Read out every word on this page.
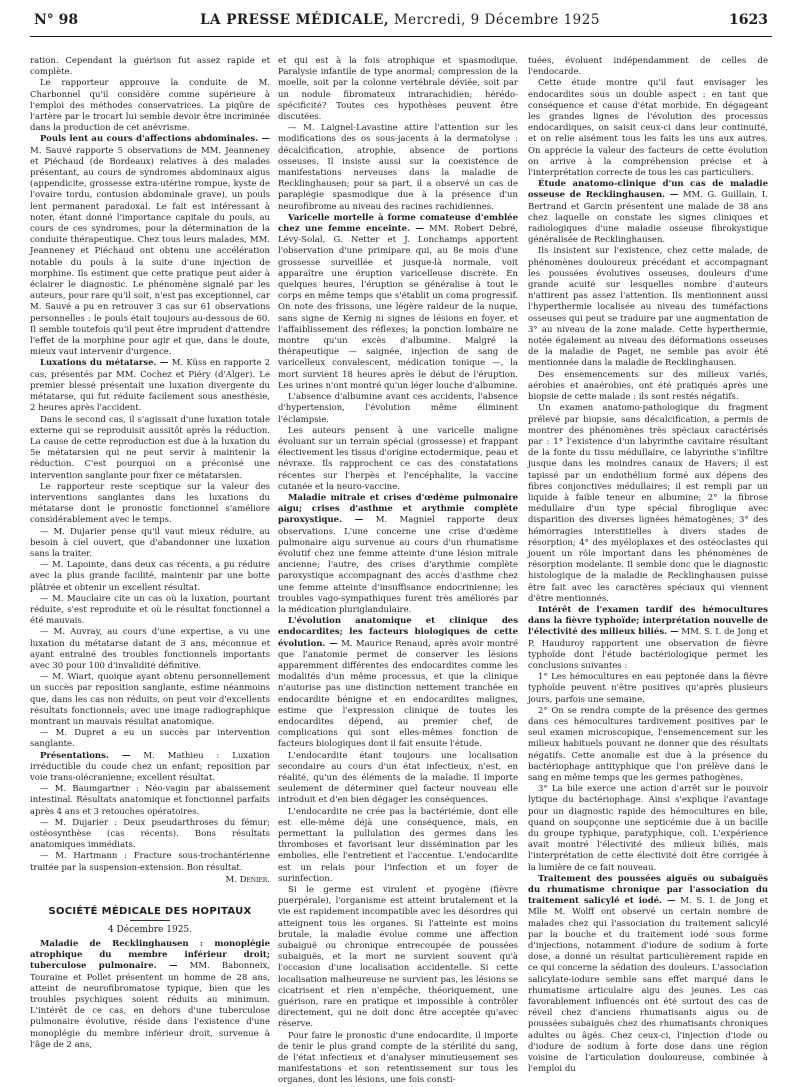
N° 98	LA PRESSE MÉDICALE, Mercredi, 9 Décembre 1925	1623

ration. Cependant la guérison fut assez rapide et complète.

Le rapporteur approuve la conduite de M. Charbonnel qu'il considère comme supérieure à l'emploi des méthodes conservatrices. La piqûre de l'artère par le trocart lui semble devoir être incriminée dans la production de cet anévrisme.

Pouls lent au cours d'affections abdominales. — M. Sauvé rapporte 5 observations de MM. Jeanneney et Piéchaud (de Bordeaux) relatives à des malades présentant, au cours de syndromes abdominaux aigus (appendicite, grossesse extra-utérine rompue, kyste de l'ovaire tordu, contusion abdominale grave), un pouls lent permanent paradoxal. Le fait est intéressant à noter, étant donné l'importance capitale du pouls, au cours de ces syndromes, pour la détermination de la conduite thérapeutique. Chez tous leurs malades, MM. Jeanneney et Piéchaud ont obtenu une accélération notable du pouls à la suite d'une injection de morphine. Ils estiment que cette pratique peut aider à éclairer le diagnostic. Le phénomène signalé par les auteurs, pour rare qu'il soit, n'est pas exceptionnel, car M. Sauvé a pu en retrouver 3 cas sur 61 observations personnelles : le pouls était toujours au-dessous de 60. Il semble toutefois qu'il peut être imprudent d'attendre l'effet de la morphine pour agir et que, dans le doute, mieux vaut intervenir d'urgence.

Luxations du métatarse. — M. Küss en rapporte 2 cas, présentés par MM. Cochez et Piéry (d'Alger). Le premier blessé présentait une luxation divergente du métatarse, qui fut réduite facilement sous anesthésie, 2 heures après l'accident.

Dans le second cas, il s'agissait d'une luxation totale externe qui se reproduisit aussitôt après la réduction. La cause de cette reproduction est due à la luxation du 5e métatarsien qui ne peut servir à maintenir la réduction. C'est pourquoi on a préconisé une intervention sanglante pour fixer ce métatarsien.

Le rapporteur reste sceptique sur la valeur des interventions sanglantes dans les luxations du métatarse dont le pronostic fonctionnel s'améliore considérablement avec le temps.

— M. Dujarier pense qu'il vaut mieux réduire, au besoin à ciel ouvert, que d'abandonner une luxation sans la traiter.

— M. Lapointe, dans deux cas récents, a pu réduire avec la plus grande facilité, maintenir par une botte plâtrée et obtenir un excellent résultat.

— M. Mauclaire cite un cas où la luxation, pourtant réduite, s'est reproduite et où le résultat fonctionnel a été mauvais.

— M. Auvray, au cours d'une expertise, a vu une luxation du métatarse datant de 3 ans, méconnue et ayant entraîné des troubles fonctionnels importants avec 30 pour 100 d'invalidité définitive.

— M. Wiart, quoique ayant obtenu personnellement un succès par reposition sanglante, estime néanmoins que, dans les cas non réduits, on peut voir d'excellents résultats fonctionnels, avec une image radiographique montrant un mauvais résultat anatomique.

— M. Dupret a eu un succès par intervention sanglante.

Présentations. — M. Mathieu : Luxation irréductible du coude chez un enfant; reposition par voie trans-olécranienne; excellent résultat.

— M. Baumgartner : Néo-vagin par abaissement intestinal. Résultats anatomique et fonctionnel parfaits après 4 ans et 3 retouches opératoires.

— M. Dujarier : Deux pseudarthroses du fémur; ostéosynthèse (cas récents). Bons résultats anatomiques immédiats.

— M. Hartmann : Fracture sous-trochantérienne traitée par la suspension-extension. Bon résultat.

M. Denier.

SOCIÉTÉ MÉDICALE DES HOPITAUX
4 Décembre 1925.

Maladie de Recklinghausen : monoplégie atrophique du membre inférieur droit; tuberculose pulmonaire. — MM. Babonneix, Touraine et Pollet présentent un homme de 28 ans, atteint de neurofibromatose typique, bien que les troubles psychiques soient réduits au minimum. L'intérêt de ce cas, en dehors d'une tuberculose pulmonaire évolutive, réside dans l'existence d'une monoplégie du membre inférieur droit, survenue à l'âge de 2 ans,

et qui est à la fois atrophique et spasmodique. Paralysie infantile de type anormal; compression de la moelle, soit par la colonne vertébrale déviée, soit par un nodule fibromateux intrarachidien; hérédo-spécificité? Toutes ces hypothèses peuvent être discutées.

— M. Laignel-Lavastine attire l'attention sur les modifications des os sous-jacents à la dermatolyse : décalcification, atrophie, absence de portions osseuses. Il insiste aussi sur la coexistence de manifestations nerveuses dans la maladie de Recklinghausen; pour sa part, il a observé un cas de paraplégie spasmodique due à la présence d'un neurofibrome au niveau des racines rachidiennes.

Varicelle mortelle à forme comateuse d'emblée chez une femme enceinte. — MM. Robert Debré, Lévy-Solal, G. Netter et J. Lonchamps apportent l'observation d'une primipare qui, au 8e mois d'une grossesse surveillée et jusque-là normale, voit apparaître une éruption varicelleuse discrète. En quelques heures, l'éruption se généralise à tout le corps en même temps que s'établit un coma progressif. On note des frissons, une légère raideur de la nuque, sans signe de Kernig ni signes de lésions en foyer, et l'affaiblissement des réflexes; la ponction lombaire ne montre qu'un excès d'albumine. Malgré la thérapeutique — saignée, injection de sang de varicelleux convalescent, médication tonique —, la mort survient 18 heures après le début de l'éruption. Les urines n'ont montré qu'un léger louche d'albumine.

L'absence d'albumine avant ces accidents, l'absence d'hypertension, l'évolution même éliminent l'éclampsie.

Les auteurs pensent à une varicelle maligne évoluant sur un terrain spécial (grossesse) et frappant électivement les tissus d'origine ectodermique, peau et névraxe. Ils rapprochent ce cas des constatations récentes sur l'herpès et l'encéphalite, la vaccine cutanée et la neuro-vaccine.

Maladie mitrale et crises d'œdème pulmonaire aigu; crises d'asthme et arythmie complète paroxystique. — M. Magniel rapporte deux observations. L'une concerne une crise d'œdème pulmonaire aigu survenue au cours d'un rhumatisme évolutif chez une femme atteinte d'une lésion mitrale ancienne; l'autre, des crises d'arythmie complète paroxystique accompagnant des accès d'asthme chez une femme atteinte d'insuffisance endocrinienne; les troubles vago-sympathiques furent très améliorés par la médication pluriglandulaire.

L'évolution anatomique et clinique des endocardites; les facteurs biologiques de cette évolution. — M. Maurice Renaud, après avoir montré que l'anatomie permet de conserver les lésions apparemment différentes des endocardites comme les modalités d'un même processus, et que la clinique n'autorise pas une distinction nettement tranchée en endocardite bénigne et en endocardites malignes, estime que l'expression clinique de toutes les endocardites dépend, au premier chef, de complications qui sont elles-mêmes fonction de facteurs biologiques dont il fait ensuite l'étude.

L'endocardite étant toujours une localisation secondaire au cours d'un état infectieux, n'est, en réalité, qu'un des éléments de la maladie. Il importe seulement de déterminer quel facteur nouveau elle introduit et d'en bien dégager les conséquences.

L'endocardite ne crée pas la bactériémie, dont elle est elle-même déjà une conséquence, mais, en permettant la pullulation des germes dans les thromboses et favorisant leur dissémination par les embolies, elle l'entretient et l'accentue. L'endocardite est un relais pour l'infection et un foyer de surinfection.

Si le germe est virulent et pyogène (fièvre puerpérale), l'organisme est atteint brutalement et la vie est rapidement incompatible avec les désordres qui atteignent tous les organes. Si l'atteinte est moins brutale, la maladie évolue comme une affection subaiguë ou chronique entrecoupée de poussées subaiguës, et la mort ne survient souvent qu'à l'occasion d'une localisation accidentelle. Si cette localisation malheureuse ne survient pas, les lésions se cicatrisent et rien n'empêche, théoriquement, une guérison, rare en pratique et impossible à contrôler directement, qui ne doit donc être acceptée qu'avec réserve.

Pour faire le pronostic d'une endocardite, il importe de tenir le plus grand compte de la stérilité du sang, de l'état infectieux et d'analyser minutieusement ses manifestations et son retentissement sur tous les organes, dont les lésions, une fois consti-

tuées, évoluent indépendamment de celles de l'endocarde.

Cette étude montre qu'il faut envisager les endocardites sous un double aspect : en tant que conséquence et cause d'état morbide. En dégageant les grandes lignes de l'évolution des processus endocardiques, on saisit ceux-ci dans leur continuité, et on relie aisément tous les faits les uns aux autres. On apprécie la valeur des facteurs de cette évolution on arrive à la compréhension précise et à l'interprétation correcte de tous les cas particuliers.

Étude anatomo-clinique d'un cas de maladie osseuse de Recklinghausen. — MM. G. Guillain, I. Bertrand et Garcin présentent une malade de 38 ans chez laquelle on constate les signes cliniques et radiologiques d'une maladie osseuse fibrokystique généralisée de Recklinghausen.

Ils insistent sur l'existence, chez cette malade, de phénomènes douloureux précédant et accompagnant les poussées évolutives osseuses, douleurs d'une grande acuité sur lesquelles nombre d'auteurs n'attirent pas assez l'attention. Ils mentionnent aussi l'hyperthermie localisée au niveau des tuméfactions osseuses qui peut se traduire par une augmentation de 3° au niveau de la zone malade. Cette hyperthermie, notée également au niveau des déformations osseuses de la maladie de Paget, ne semble pas avoir été mentionnée dans la maladie de Recklinghausen.

Des ensemencements sur des milieux variés, aérobies et anaérobies, ont été pratiqués après une biopsie de cette malade : ils sont restés négatifs.

Un examen anatomo-pathologique du fragment prélevé par biopsie, sans décalcification, a permis de montrer des phénomènes très spéciaux caractérisés par : 1° l'existence d'un labyrinthe cavitaire résultant de la fonte du tissu médullaire, ce labyrinthe s'infiltre jusque dans les moindres canaux de Havers; il est tapissé par un endothélium formé aux dépens des fibres conjonctives médullaires; il est rempli par un liquide à faible teneur en albumine; 2° la fibrose médullaire d'un type spécial fibroglique avec disparition des diverses lignées hématogènes; 3° des hémorragies interstitielles à divers stades de résorption; 4° des myéloplaxes et des ostéoclastes qui jouent un rôle important dans les phénomènes de résorption modelante. Il semble donc que le diagnostic histologique de la maladie de Recklinghausen puisse être fait avec les caractères spéciaux qui viennent d'être mentionnés.

Intérêt de l'examen tardif des hémocultures dans la fièvre typhoïde; interprétation nouvelle de l'électivité des milieux biliés. — MM. S. I. de Jong et P. Hauduroy rapportent une observation de fièvre typhoïde dont l'étude bactériologique permet les conclusions suivantes :

1° Les hémocultures en eau peptonée dans la fièvre typhoïde peuvent n'être positives qu'après plusieurs jours, parfois une semaine.

2° On se rendra compte de la présence des germes dans ces hémocultures tardivement positives par le seul examen microscopique, l'ensemencement sur les milieux habituels pouvant ne donner que des résultats négatifs. Cette anomalie est due à la présence du bactériophage antityphique que l'on prélève dans le sang en même temps que les germes pathogènes.

3° La bile exerce une action d'arrêt sur le pouvoir lytique du bactériophage. Ainsi s'explique l'avantage pour un diagnostic rapide des hémocultures en bile, quand on soupçonne une septicémie due à un bacille du groupe typhique, paratyphique, coli. L'expérience avait montré l'électivité des milieux biliés, mais l'interprétation de cette électivité doit être corrigée à la lumière de ce fait nouveau.

Traitement des poussées aiguës ou subaiguës du rhumatisme chronique par l'association du traitement salicylé et iodé. — M. S. I. de Jong et Mlle M. Wolff ont observé un certain nombre de malades chez qui l'association du traitement salicylé par la bouche et du traitement iodé sous forme d'injections, notamment d'iodure de sodium à forte dose, a donné un résultat particulièrement rapide en ce qui concerne la sédation des douleurs. L'association salicylate-iodure semble sans effet marqué dans le rhumatisme articulaire aigu des jeunes. Les cas favorablement influencés ont été surtout des cas de réveil chez d'anciens rhumatisants aigus ou de poussées subaiguës chez des rhumatisants chroniques adultes ou âgés. Chez ceux-ci, l'injection d'iode ou d'iodure de sodium à forte dose dans une région voisine de l'articulation douloureuse, combinée à l'emploi du
